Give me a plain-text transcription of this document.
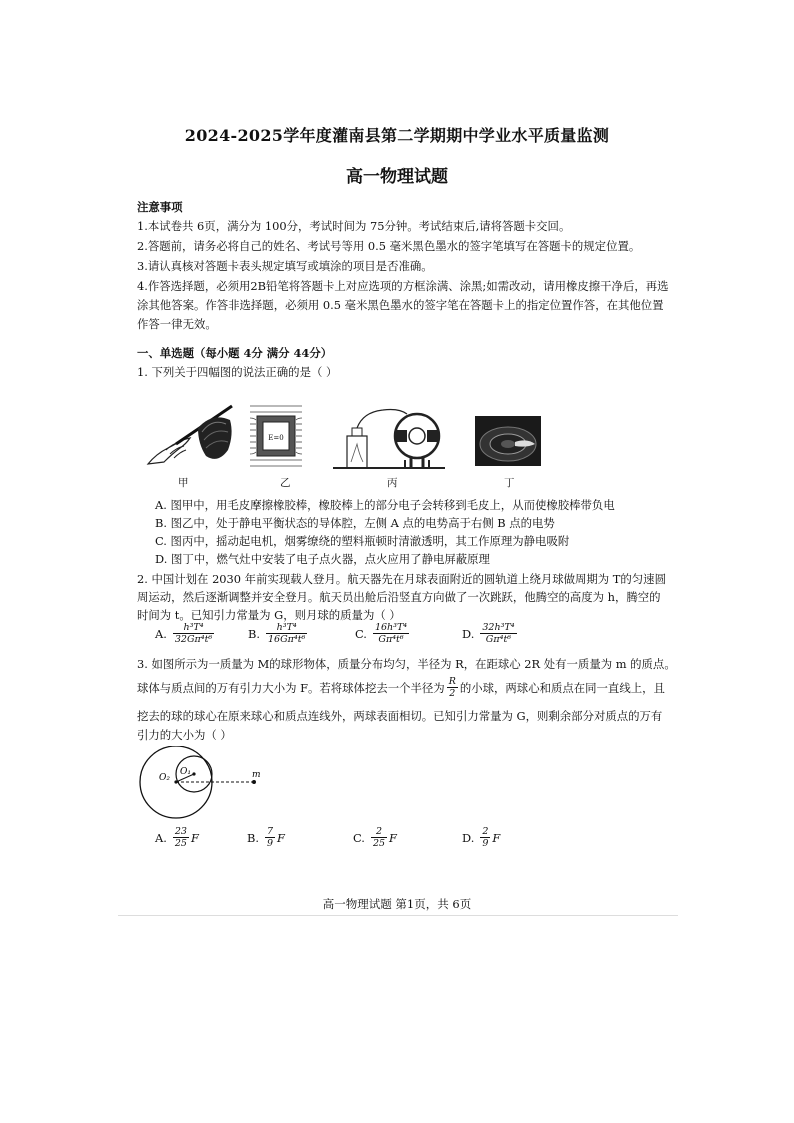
2024-2025学年度灌南县第二学期期中学业水平质量监测
高一物理试题
注意事项
1.本试卷共 6页，满分为 100分，考试时间为 75分钟。考试结束后,请将答题卡交回。
2.答题前，请务必将自己的姓名、考试号等用 0.5 毫米黑色墨水的签字笔填写在答题卡的规定位置。
3.请认真核对答题卡表头规定填写或填涂的项目是否准确。
4.作答选择题，必须用2B铅笔将答题卡上对应选项的方框涂满、涂黑;如需改动，请用橡皮擦干净后，再选
涂其他答案。作答非选择题，必须用 0.5 毫米黑色墨水的签字笔在答题卡上的指定位置作答，在其他位置
作答一律无效。
一、单选题（每小题 4分 满分 44分）
1. 下列关于四幅图的说法正确的是（ ）
E=0
甲	乙	丙	丁
A. 图甲中，用毛皮摩擦橡胶棒，橡胶棒上的部分电子会转移到毛皮上，从而使橡胶棒带负电
B. 图乙中，处于静电平衡状态的导体腔，左侧 A 点的电势高于右侧 B 点的电势
C. 图丙中，摇动起电机，烟雾缭绕的塑料瓶顿时清澈透明，其工作原理为静电吸附
D. 图丁中，燃气灶中安装了电子点火器，点火应用了静电屏蔽原理
2. 中国计划在 2030 年前实现载人登月。航天器先在月球表面附近的圆轨道上绕月球做周期为 T的匀速圆
周运动，然后逐渐调整并安全登月。航天员出舱后沿竖直方向做了一次跳跃，他腾空的高度为 h，腾空的
时间为 t。已知引力常量为 G，则月球的质量为（ ）
A. $\frac{\text{h³T⁴}}{\text{32Gπ⁴t⁶}}$	B. $\frac{\text{h³T⁴}}{\text{16Gπ⁴t⁶}}$	C. $\frac{\text{16h³T⁴}}{\text{Gπ⁴t⁶}}$	D. $\frac{\text{32h³T⁴}}{\text{Gπ⁴t⁶}}$
3. 如图所示为一质量为 M的球形物体，质量分布均匀，半径为 R，在距球心 2R 处有一质量为 m 的质点。
球体与质点间的万有引力大小为 F。若将球体挖去一个半径为 $\frac{R}{2}$ 的小球，两球心和质点在同一直线上，且
挖去的球的球心在原来球心和质点连线外，两球表面相切。已知引力常量为 G，则剩余部分对质点的万有
引力的大小为（ ）
O₂
O₁	m
A. $\frac{23}{25}$ F	B. $\frac{7}{9}$ F	C. $\frac{2}{25}$ F	D. $\frac{2}{9}$ F
高一物理试题 第1页，共 6页
